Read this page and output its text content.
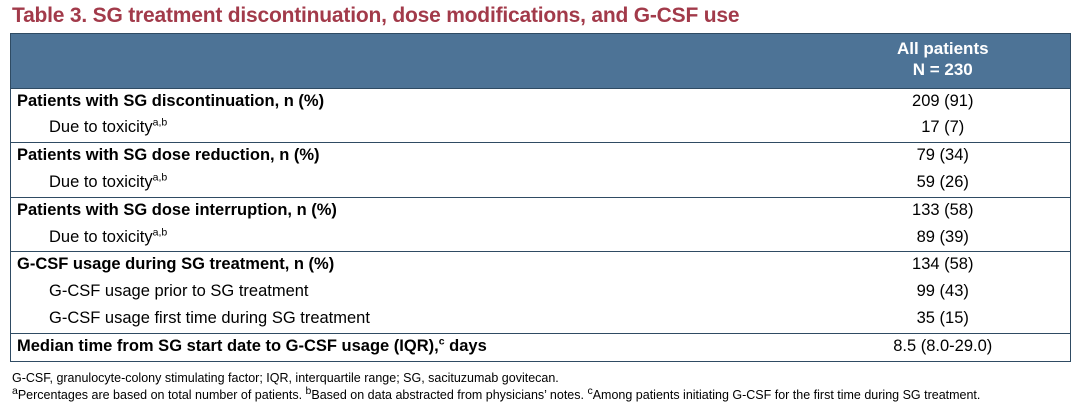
Table 3. SG treatment discontinuation, dose modifications, and G-CSF use
	All patients
N = 230

Patients with SG discontinuation, n (%)	209 (91)
Due to toxicity$^{a,b}$	17 (7)
Patients with SG dose reduction, n (%)	79 (34)
Due to toxicity$^{a,b}$	59 (26)
Patients with SG dose interruption, n (%)	133 (58)
Due to toxicity$^{a,b}$	89 (39)
G-CSF usage during SG treatment, n (%)	134 (58)
G-CSF usage prior to SG treatment	99 (43)
G-CSF usage first time during SG treatment	35 (15)
Median time from SG start date to G-CSF usage (IQR),$^c$ days	8.5 (8.0-29.0)
G-CSF, granulocyte-colony stimulating factor; IQR, interquartile range; SG, sacituzumab govitecan.
$^a$Percentages are based on total number of patients. $^b$Based on data abstracted from physicians’ notes. $^c$Among patients initiating G-CSF for the first time during SG treatment.
